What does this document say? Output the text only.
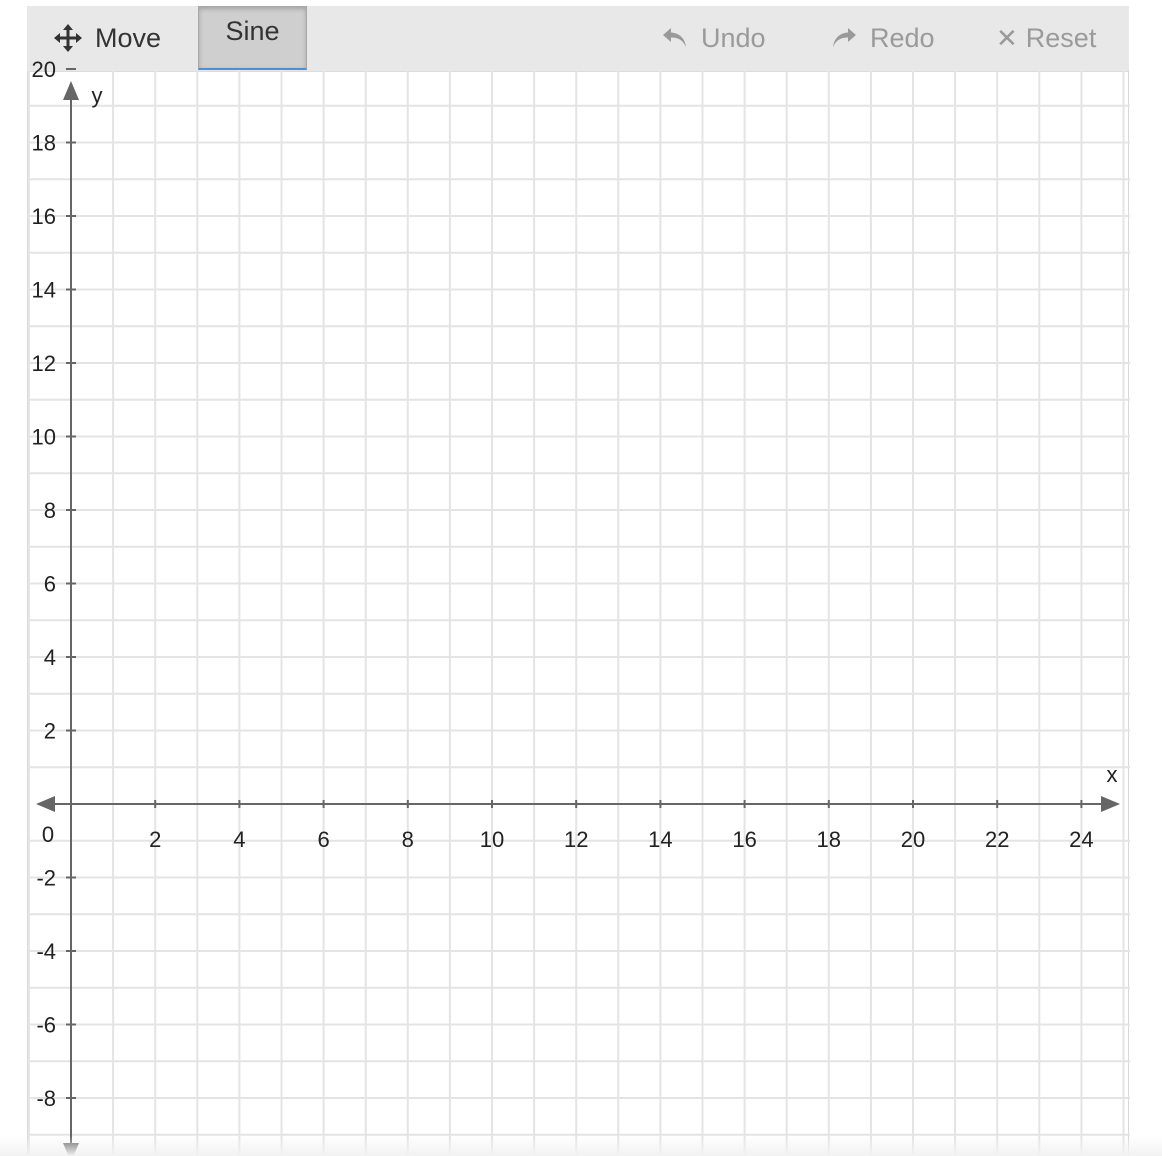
Move Sine	Undo	Redo ✕ Reset
2	4	6	8	10	12	14	16	18	20	22	24
-8
-6
-4
-2
2
4
6
8
10
12
14
16
18
20
0
x
y
